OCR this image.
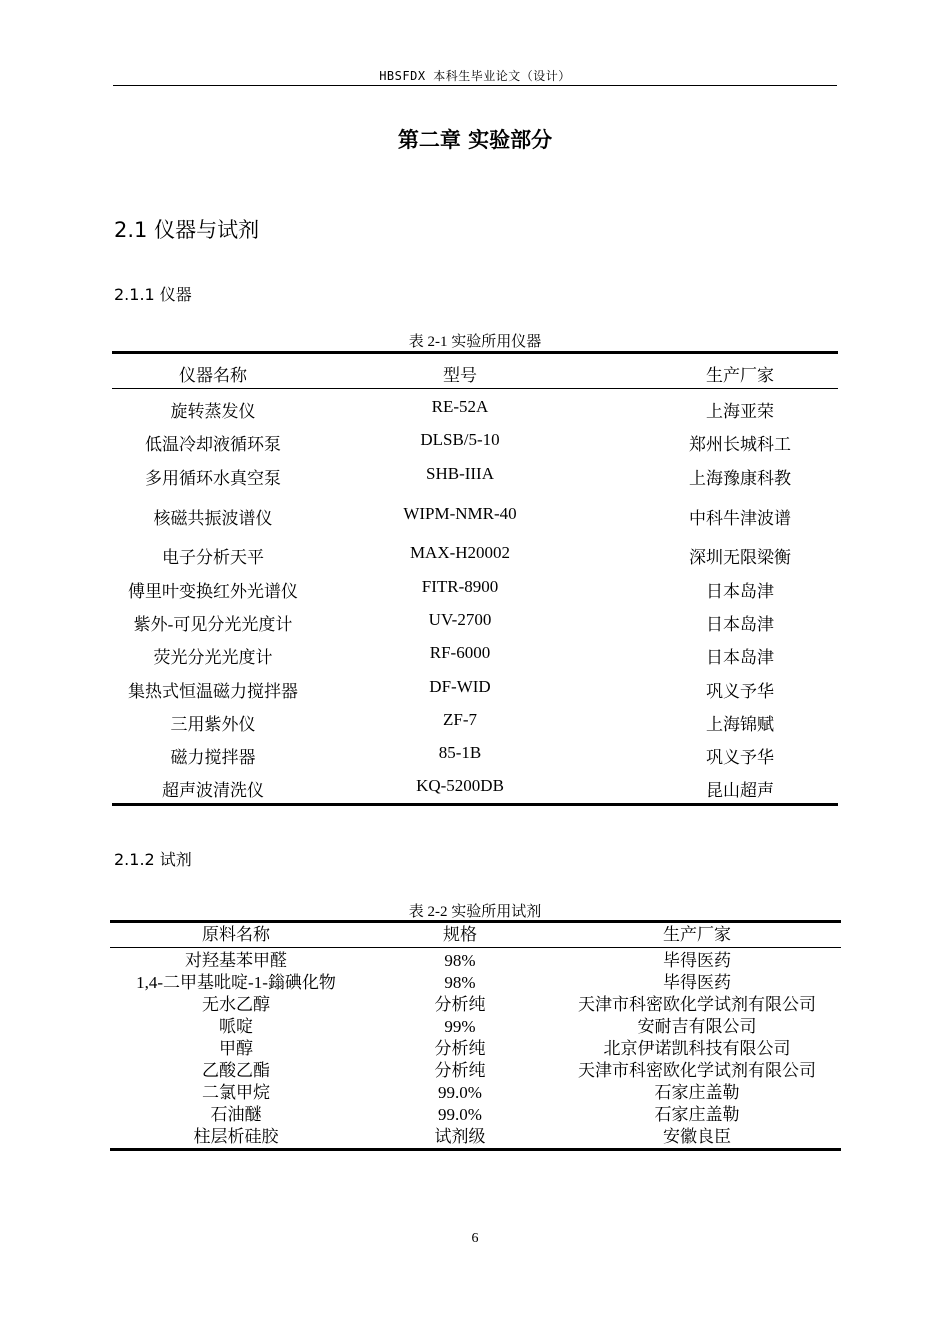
HBSFDX 本科生毕业论文（设计）
第二章 实验部分
2.1 仪器与试剂
2.1.1 仪器
表 2-1 实验所用仪器
仪器名称	型号	生产厂家
旋转蒸发仪	RE-52A	上海亚荣
低温冷却液循环泵	DLSB/5-10	郑州长城科工
多用循环水真空泵	SHB-IIIA	上海豫康科教
核磁共振波谱仪	WIPM-NMR-40	中科牛津波谱
电子分析天平	MAX-H20002	深圳无限梁衡
傅里叶变换红外光谱仪	FITR-8900	日本岛津
紫外-可见分光光度计	UV-2700	日本岛津
荧光分光光度计	RF-6000	日本岛津
集热式恒温磁力搅拌器	DF-WID	巩义予华
三用紫外仪	ZF-7	上海锦赋
磁力搅拌器	85-1B	巩义予华
超声波清洗仪	KQ-5200DB	昆山超声
2.1.2 试剂
表 2-2 实验所用试剂
原料名称	规格	生产厂家
对羟基苯甲醛	98%	毕得医药
1,4-二甲基吡啶-1-鎓碘化物	98%	毕得医药
无水乙醇	分析纯	天津市科密欧化学试剂有限公司
哌啶	99%	安耐吉有限公司
甲醇	分析纯	北京伊诺凯科技有限公司
乙酸乙酯	分析纯	天津市科密欧化学试剂有限公司
二氯甲烷	99.0%	石家庄盖勒
石油醚	99.0%	石家庄盖勒
柱层析硅胶	试剂级	安徽良臣
6
